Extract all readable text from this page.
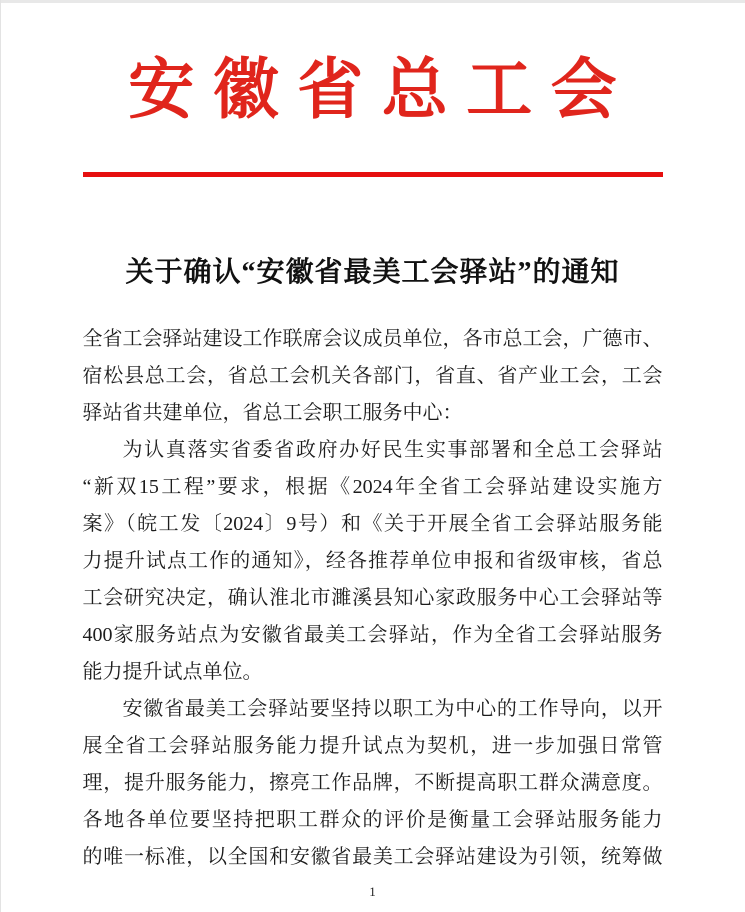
安徽省总工会
关于确认“安徽省最美工会驿站”的通知
全省工会驿站建设工作联席会议成员单位，各市总工会，广德市、
宿松县总工会，省总工会机关各部门，省直、省产业工会，工会
驿站省共建单位，省总工会职工服务中心：
为认真落实省委省政府办好民生实事部署和全总工会驿站
“新双15工程”要求，根据《2024年全省工会驿站建设实施方
案》（皖工发〔2024〕9号）和《关于开展全省工会驿站服务能
力提升试点工作的通知》，经各推荐单位申报和省级审核，省总
工会研究决定，确认淮北市濉溪县知心家政服务中心工会驿站等
400家服务站点为安徽省最美工会驿站，作为全省工会驿站服务
能力提升试点单位。
安徽省最美工会驿站要坚持以职工为中心的工作导向，以开
展全省工会驿站服务能力提升试点为契机，进一步加强日常管
理，提升服务能力，擦亮工作品牌，不断提高职工群众满意度。
各地各单位要坚持把职工群众的评价是衡量工会驿站服务能力
的唯一标准，以全国和安徽省最美工会驿站建设为引领，统筹做
1
